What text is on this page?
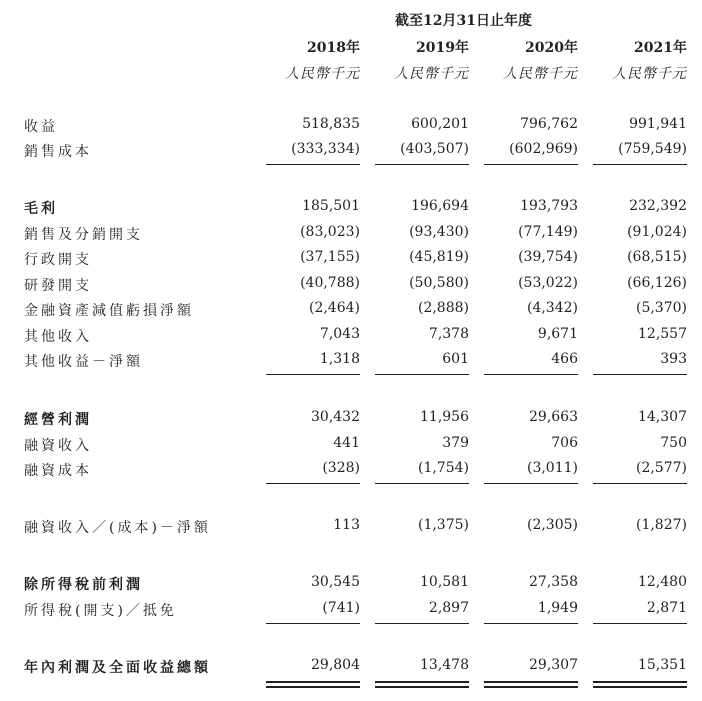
截至12月31日止年度
2018年	2019年	2020年	2021年
人民幣千元 人民幣千元 人民幣千元 人民幣千元
收益	518,835	600,201	796,762	991,941
銷售成本	(333,334)	(403,507)	(602,969)	(759,549)
毛利	185,501	196,694	193,793	232,392
銷售及分銷開支	(83,023)	(93,430)	(77,149)	(91,024)
行政開支	(37,155)	(45,819)	(39,754)	(68,515)
研發開支	(40,788)	(50,580)	(53,022)	(66,126)
金融資產減值虧損淨額	(2,464)	(2,888)	(4,342)	(5,370)
其他收入	7,043	7,378	9,671	12,557
其他收益－淨額	1,318	601	466	393
經營利潤	30,432	11,956	29,663	14,307
融資收入	441	379	706	750
融資成本	(328)	(1,754)	(3,011)	(2,577)
融資收入／(成本)－淨額	113	(1,375)	(2,305)	(1,827)
除所得稅前利潤	30,545	10,581	27,358	12,480
所得稅(開支)／抵免	(741)	2,897	1,949	2,871
年內利潤及全面收益總額	29,804	13,478	29,307	15,351
